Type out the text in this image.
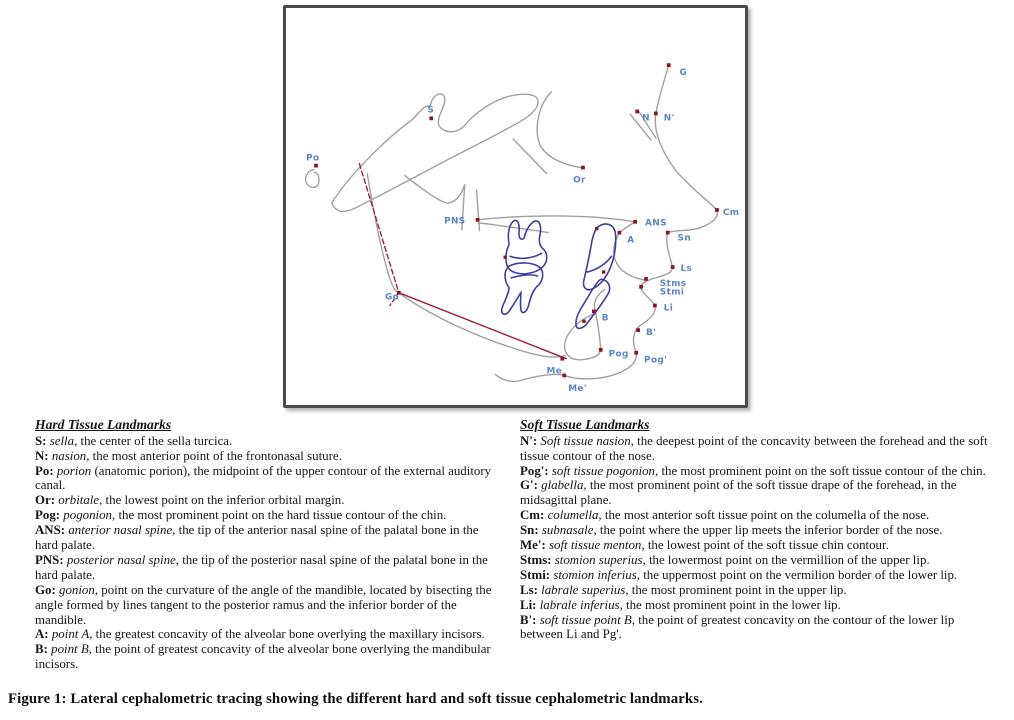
S
Po
Or
G
N N'
PNS	ANS
A
Cm
Sn
Ls
Stms
Stmi
Li
B
B'
Pog
Pog'
Me
Me'
Go
Hard Tissue Landmarks
S: sella, the center of the sella turcica.
N: nasion, the most anterior point of the frontonasal suture.
Po: porion (anatomic porion), the midpoint of the upper contour of the external auditory canal.
Or: orbitale, the lowest point on the inferior orbital margin.
Pog: pogonion, the most prominent point on the hard tissue contour of the chin.
ANS: anterior nasal spine, the tip of the anterior nasal spine of the palatal bone in the hard palate.
PNS: posterior nasal spine, the tip of the posterior nasal spine of the palatal bone in the hard palate.
Go: gonion, point on the curvature of the angle of the mandible, located by bisecting the angle formed by lines tangent to the posterior ramus and the inferior border of the mandible.
A: point A, the greatest concavity of the alveolar bone overlying the maxillary incisors.
B: point B, the point of greatest concavity of the alveolar bone overlying the mandibular incisors.
Soft Tissue Landmarks
N': Soft tissue nasion, the deepest point of the concavity between the forehead and the soft tissue contour of the nose.
Pog': soft tissue pogonion, the most prominent point on the soft tissue contour of the chin.
G': glabella, the most prominent point of the soft tissue drape of the forehead, in the midsagittal plane.
Cm: columella, the most anterior soft tissue point on the columella of the nose.
Sn: subnasale, the point where the upper lip meets the inferior border of the nose.
Me': soft tissue menton, the lowest point of the soft tissue chin contour.
Stms: stomion superius, the lowermost point on the vermillion of the upper lip.
Stmi: stomion inferius, the uppermost point on the vermilion border of the lower lip.
Ls: labrale superius, the most prominent point in the upper lip.
Li: labrale inferius, the most prominent point in the lower lip.
B': soft tissue point B, the point of greatest concavity on the contour of the lower lip between Li and Pg'.

Figure 1: Lateral cephalometric tracing showing the different hard and soft tissue cephalometric landmarks.
